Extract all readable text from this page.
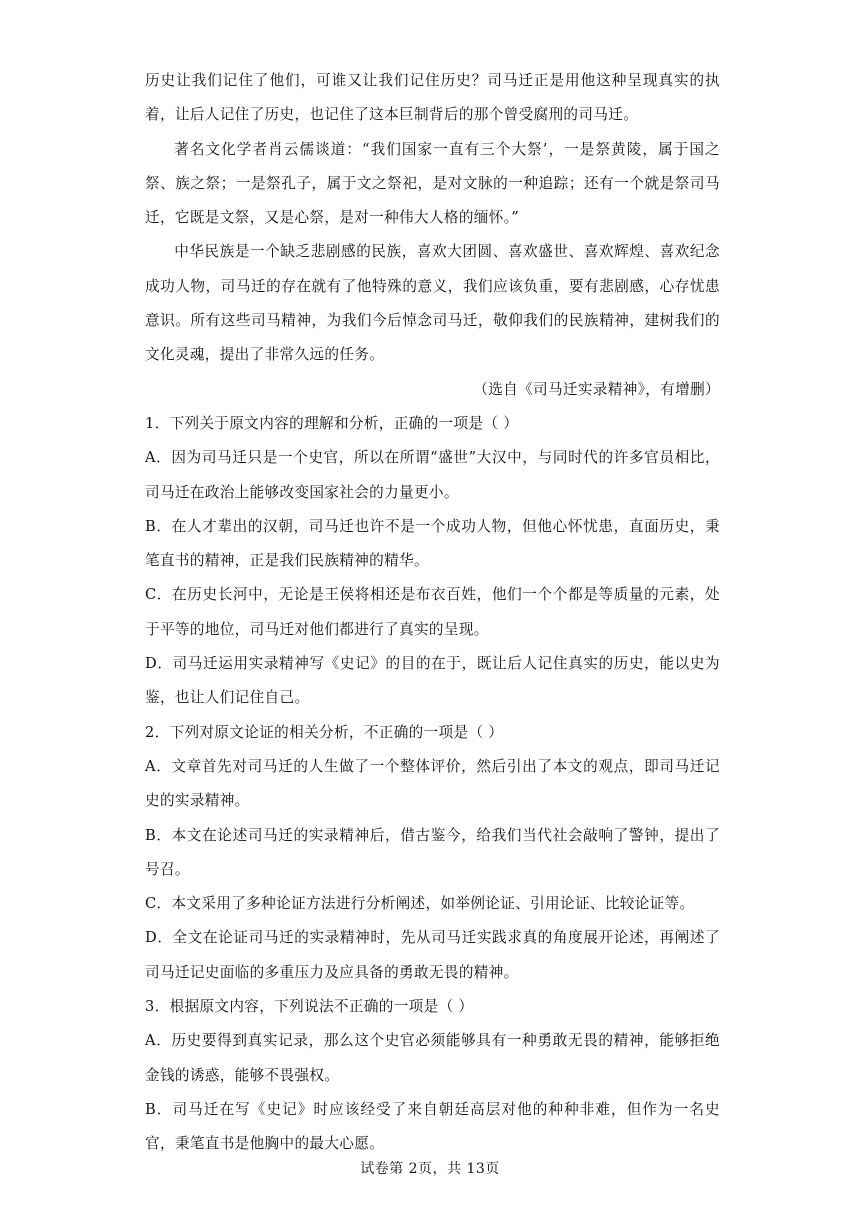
历史让我们记住了他们，可谁又让我们记住历史？司马迁正是用他这种呈现真实的执着，让后人记住了历史，也记住了这本巨制背后的那个曾受腐刑的司马迁。

著名文化学者肖云儒谈道：“我们国家一直有三个大祭’，一是祭黄陵，属于国之祭、族之祭；一是祭孔子，属于文之祭祀，是对文脉的一种追踪；还有一个就是祭司马迁，它既是文祭，又是心祭，是对一种伟大人格的缅怀。”

中华民族是一个缺乏悲剧感的民族，喜欢大团圆、喜欢盛世、喜欢辉煌、喜欢纪念成功人物，司马迁的存在就有了他特殊的意义，我们应该负重，要有悲剧感，心存忧患意识。所有这些司马精神，为我们今后悼念司马迁，敬仰我们的民族精神，建树我们的文化灵魂，提出了非常久远的任务。

（选自《司马迁实录精神》，有增删）

1．下列关于原文内容的理解和分析，正确的一项是（ ）

A．因为司马迁只是一个史官，所以在所谓“盛世”大汉中，与同时代的许多官员相比，司马迁在政治上能够改变国家社会的力量更小。

B．在人才辈出的汉朝，司马迁也许不是一个成功人物，但他心怀忧患，直面历史，秉笔直书的精神，正是我们民族精神的精华。

C．在历史长河中，无论是王侯将相还是布衣百姓，他们一个个都是等质量的元素，处于平等的地位，司马迁对他们都进行了真实的呈现。

D．司马迁运用实录精神写《史记》的目的在于，既让后人记住真实的历史，能以史为鉴，也让人们记住自己。

2．下列对原文论证的相关分析，不正确的一项是（ ）

A．文章首先对司马迁的人生做了一个整体评价，然后引出了本文的观点，即司马迁记史的实录精神。

B．本文在论述司马迁的实录精神后，借古鉴今，给我们当代社会敲响了警钟，提出了号召。

C．本文采用了多种论证方法进行分析阐述，如举例论证、引用论证、比较论证等。

D．全文在论证司马迁的实录精神时，先从司马迁实践求真的角度展开论述，再阐述了司马迁记史面临的多重压力及应具备的勇敢无畏的精神。

3．根据原文内容，下列说法不正确的一项是（ ）

A．历史要得到真实记录，那么这个史官必须能够具有一种勇敢无畏的精神，能够拒绝金钱的诱惑，能够不畏强权。

B．司马迁在写《史记》时应该经受了来自朝廷高层对他的种种非难，但作为一名史官，秉笔直书是他胸中的最大心愿。

试卷第 2页，共 13页
